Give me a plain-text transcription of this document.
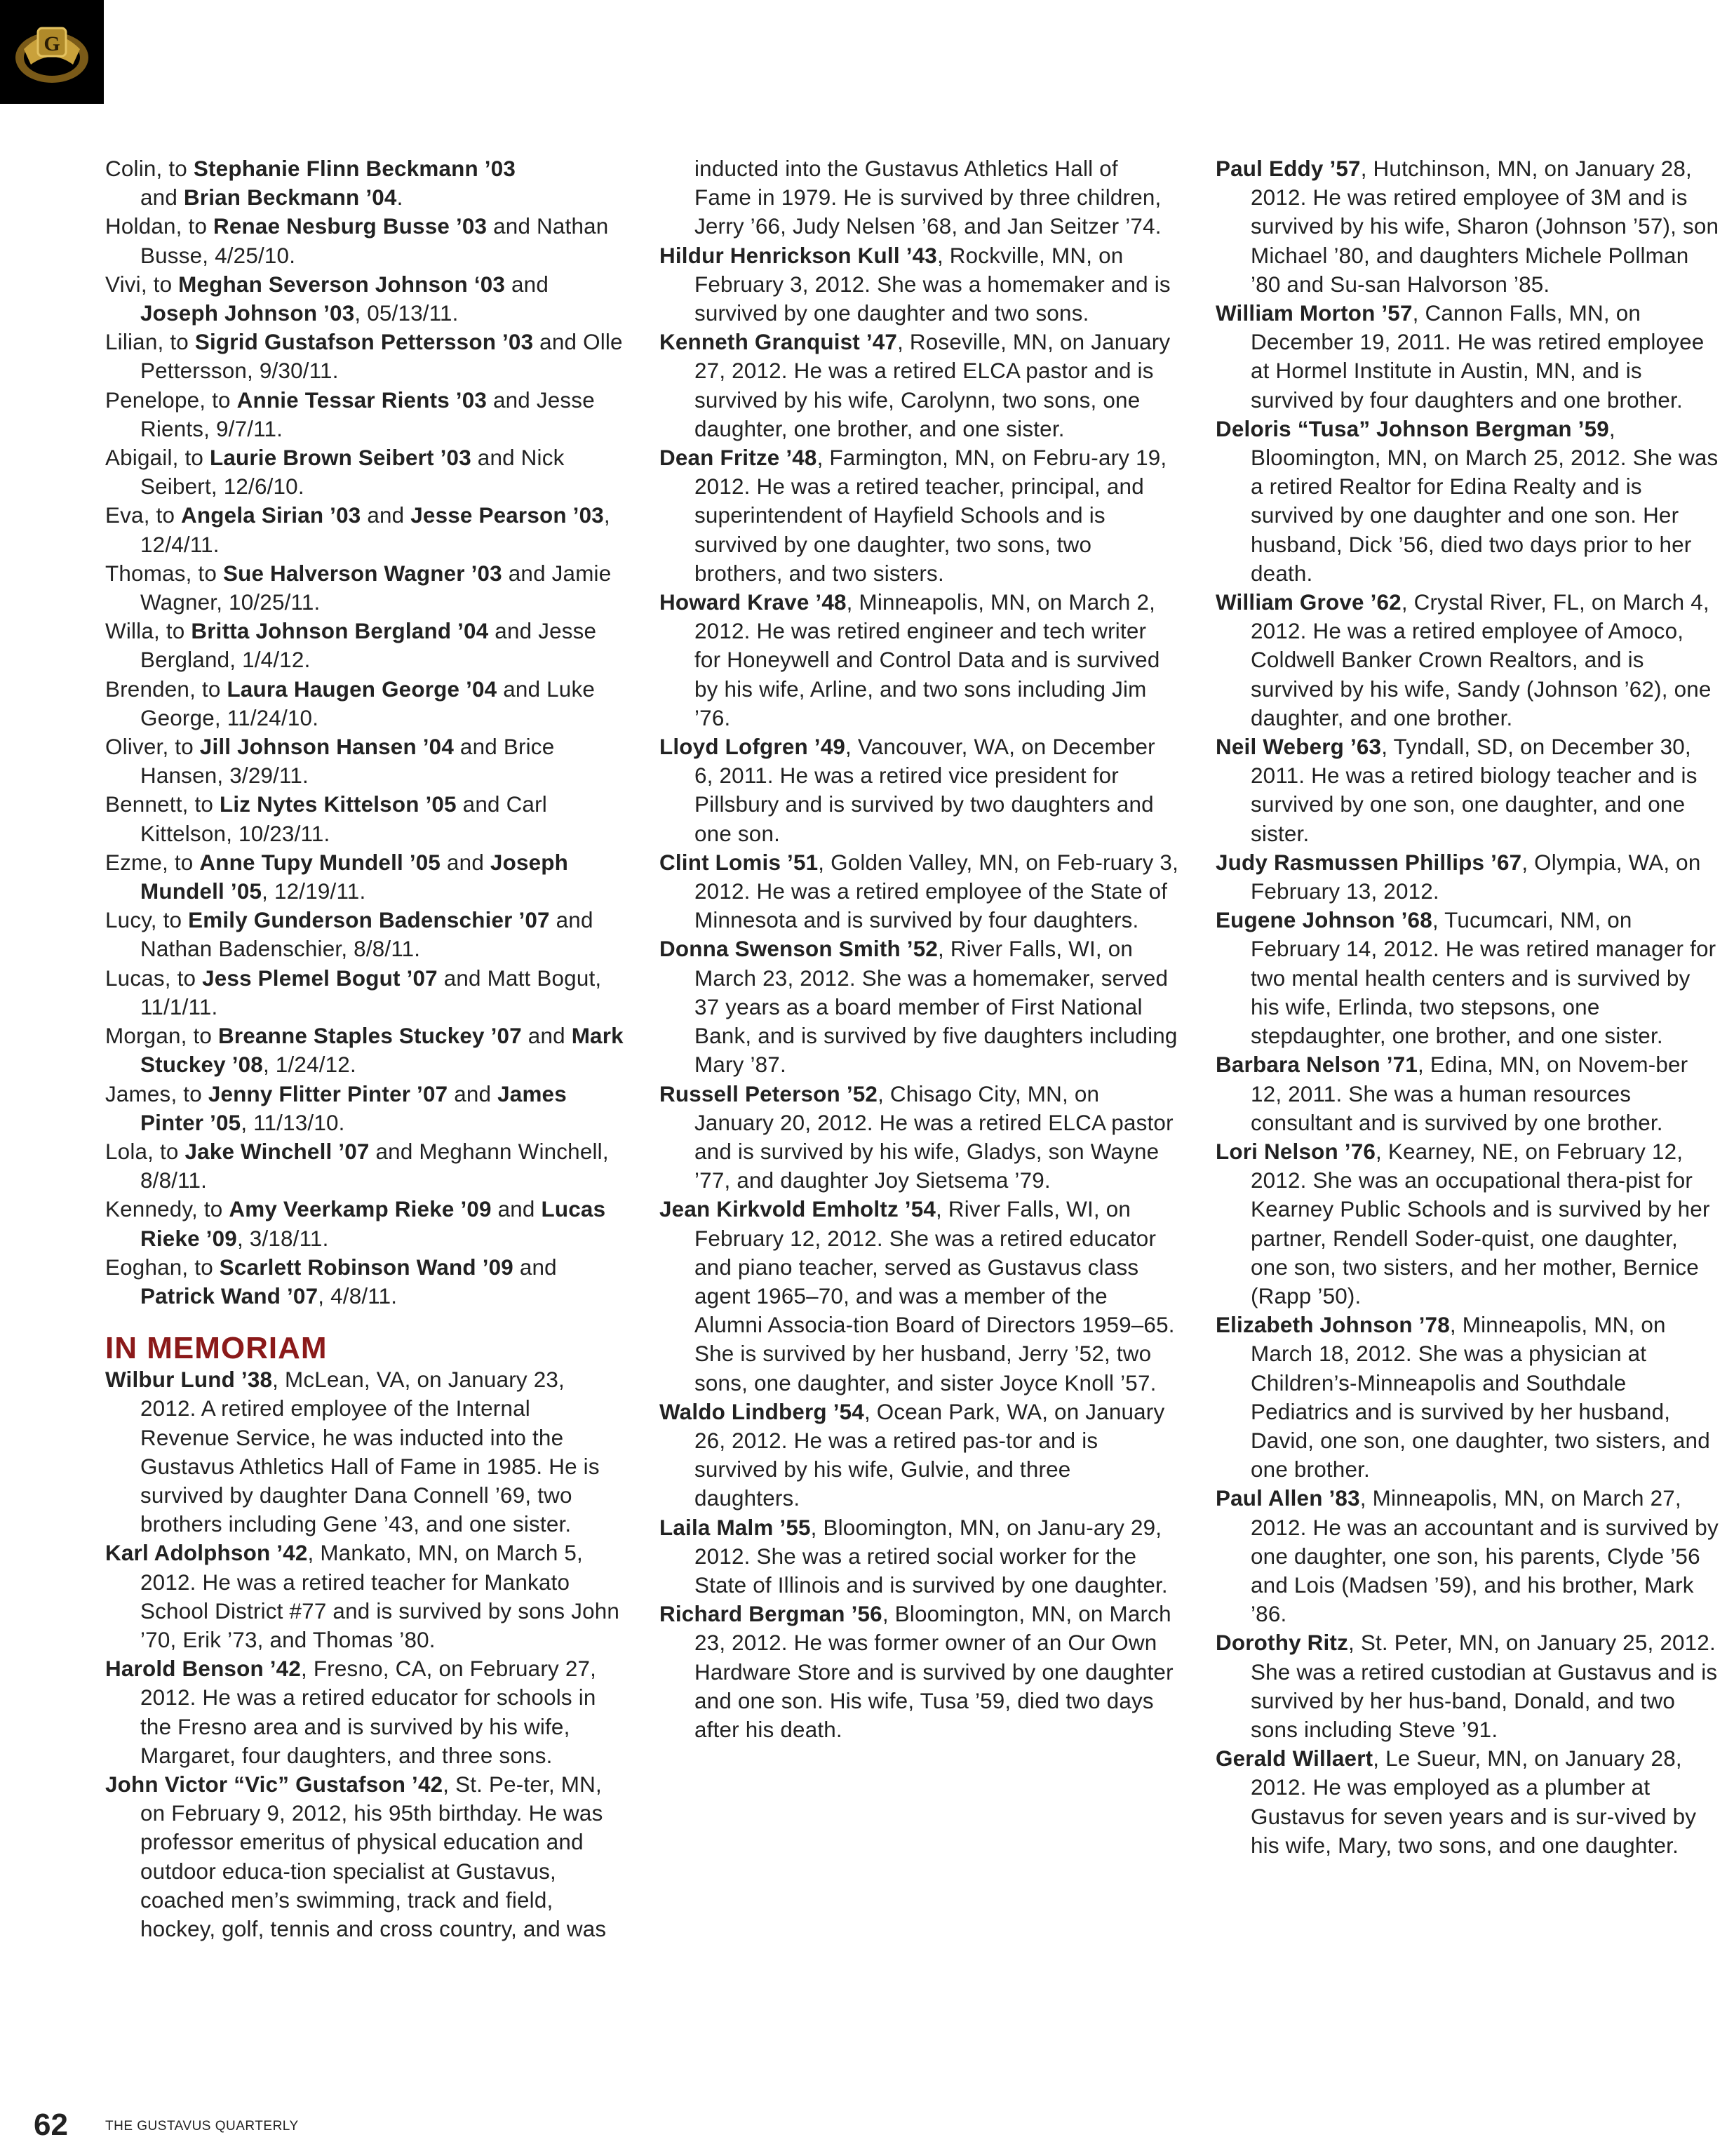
G
Colin, to Stephanie Flinn Beckmann ’03
and Brian Beckmann ’04.
Holdan, to Renae Nesburg Busse ’03 and Nathan Busse, 4/25/10.
Vivi, to Meghan Severson Johnson ‘03 and Joseph Johnson ’03, 05/13/11.
Lilian, to Sigrid Gustafson Pettersson ’03 and Olle Pettersson, 9/30/11.
Penelope, to Annie Tessar Rients ’03 and Jesse Rients, 9/7/11.
Abigail, to Laurie Brown Seibert ’03 and Nick Seibert, 12/6/10.
Eva, to Angela Sirian ’03 and Jesse Pearson ’03, 12/4/11.
Thomas, to Sue Halverson Wagner ’03 and Jamie Wagner, 10/25/11.
Willa, to Britta Johnson Bergland ’04 and Jesse Bergland, 1/4/12.
Brenden, to Laura Haugen George ’04 and Luke George, 11/24/10.
Oliver, to Jill Johnson Hansen ’04 and Brice Hansen, 3/29/11.
Bennett, to Liz Nytes Kittelson ’05 and Carl Kittelson, 10/23/11.
Ezme, to Anne Tupy Mundell ’05 and Joseph Mundell ’05, 12/19/11.
Lucy, to Emily Gunderson Badenschier ’07 and Nathan Badenschier, 8/8/11.
Lucas, to Jess Plemel Bogut ’07 and Matt Bogut, 11/1/11.
Morgan, to Breanne Staples Stuckey ’07 and Mark Stuckey ’08, 1/24/12.
James, to Jenny Flitter Pinter ’07 and James Pinter ’05, 11/13/10.
Lola, to Jake Winchell ’07 and Meghann Winchell, 8/8/11.
Kennedy, to Amy Veerkamp Rieke ’09 and Lucas Rieke ’09, 3/18/11.
Eoghan, to Scarlett Robinson Wand ’09 and Patrick Wand ’07, 4/8/11.
IN MEMORIAM
Wilbur Lund ’38, McLean, VA, on January 23, 2012. A retired employee of the Internal Revenue Service, he was inducted into the Gustavus Athletics Hall of Fame in 1985. He is survived by daughter Dana Connell ’69, two brothers including Gene ’43, and one sister.
Karl Adolphson ’42, Mankato, MN, on March 5, 2012. He was a retired teacher for Mankato School District #77 and is survived by sons John ’70, Erik ’73, and Thomas ’80.
Harold Benson ’42, Fresno, CA, on February 27, 2012. He was a retired educator for schools in the Fresno area and is survived by his wife, Margaret, four daughters, and three sons.
John Victor “Vic” Gustafson ’42, St. Pe-ter, MN, on February 9, 2012, his 95th birthday. He was professor emeritus of physical education and outdoor educa-tion specialist at Gustavus, coached men’s swimming, track and field, hockey, golf, tennis and cross country, and was
inducted into the Gustavus Athletics Hall of Fame in 1979. He is survived by three children, Jerry ’66, Judy Nelsen ’68, and Jan Seitzer ’74.
Hildur Henrickson Kull ’43, Rockville, MN, on February 3, 2012. She was a homemaker and is survived by one daughter and two sons.
Kenneth Granquist ’47, Roseville, MN, on January 27, 2012. He was a retired ELCA pastor and is survived by his wife, Carolynn, two sons, one daughter, one brother, and one sister.
Dean Fritze ’48, Farmington, MN, on Febru-ary 19, 2012. He was a retired teacher, principal, and superintendent of Hayfield Schools and is survived by one daughter, two sons, two brothers, and two sisters.
Howard Krave ’48, Minneapolis, MN, on March 2, 2012. He was retired engineer and tech writer for Honeywell and Control Data and is survived by his wife, Arline, and two sons including Jim ’76.
Lloyd Lofgren ’49, Vancouver, WA, on December 6, 2011. He was a retired vice president for Pillsbury and is survived by two daughters and one son.
Clint Lomis ’51, Golden Valley, MN, on Feb-ruary 3, 2012. He was a retired employee of the State of Minnesota and is survived by four daughters.
Donna Swenson Smith ’52, River Falls, WI, on March 23, 2012. She was a homemaker, served 37 years as a board member of First National Bank, and is survived by five daughters including Mary ’87.
Russell Peterson ’52, Chisago City, MN, on January 20, 2012. He was a retired ELCA pastor and is survived by his wife, Gladys, son Wayne ’77, and daughter Joy Sietsema ’79.
Jean Kirkvold Emholtz ’54, River Falls, WI, on February 12, 2012. She was a retired educator and piano teacher, served as Gustavus class agent 1965–70, and was a member of the Alumni Associa-tion Board of Directors 1959–65. She is survived by her husband, Jerry ’52, two sons, one daughter, and sister Joyce Knoll ’57.
Waldo Lindberg ’54, Ocean Park, WA, on January 26, 2012. He was a retired pas-tor and is survived by his wife, Gulvie, and three daughters.
Laila Malm ’55, Bloomington, MN, on Janu-ary 29, 2012. She was a retired social worker for the State of Illinois and is survived by one daughter.
Richard Bergman ’56, Bloomington, MN, on March 23, 2012. He was former owner of an Our Own Hardware Store and is survived by one daughter and one son. His wife, Tusa ’59, died two days after his death.
Paul Eddy ’57, Hutchinson, MN, on January 28, 2012. He was retired employee of 3M and is survived by his wife, Sharon (Johnson ’57), son Michael ’80, and daughters Michele Pollman ’80 and Su-san Halvorson ’85.
William Morton ’57, Cannon Falls, MN, on December 19, 2011. He was retired employee at Hormel Institute in Austin, MN, and is survived by four daughters and one brother.
Deloris “Tusa” Johnson Bergman ’59, Bloomington, MN, on March 25, 2012. She was a retired Realtor for Edina Realty and is survived by one daughter and one son. Her husband, Dick ’56, died two days prior to her death.
William Grove ’62, Crystal River, FL, on March 4, 2012. He was a retired employee of Amoco, Coldwell Banker Crown Realtors, and is survived by his wife, Sandy (Johnson ’62), one daughter, and one brother.
Neil Weberg ’63, Tyndall, SD, on December 30, 2011. He was a retired biology teacher and is survived by one son, one daughter, and one sister.
Judy Rasmussen Phillips ’67, Olympia, WA, on February 13, 2012.
Eugene Johnson ’68, Tucumcari, NM, on February 14, 2012. He was retired manager for two mental health centers and is survived by his wife, Erlinda, two stepsons, one stepdaughter, one brother, and one sister.
Barbara Nelson ’71, Edina, MN, on Novem-ber 12, 2011. She was a human resources consultant and is survived by one brother.
Lori Nelson ’76, Kearney, NE, on February 12, 2012. She was an occupational thera-pist for Kearney Public Schools and is survived by her partner, Rendell Soder-quist, one daughter, one son, two sisters, and her mother, Bernice (Rapp ’50).
Elizabeth Johnson ’78, Minneapolis, MN, on March 18, 2012. She was a physician at Children’s-Minneapolis and Southdale Pediatrics and is survived by her husband, David, one son, one daughter, two sisters, and one brother.
Paul Allen ’83, Minneapolis, MN, on March 27, 2012. He was an accountant and is survived by one daughter, one son, his parents, Clyde ’56 and Lois (Madsen ’59), and his brother, Mark ’86.
Dorothy Ritz, St. Peter, MN, on January 25, 2012. She was a retired custodian at Gustavus and is survived by her hus-band, Donald, and two sons including Steve ’91.
Gerald Willaert, Le Sueur, MN, on January 28, 2012. He was employed as a plumber at Gustavus for seven years and is sur-vived by his wife, Mary, two sons, and one daughter.
62	THE GUSTAVUS QUARTERLY
